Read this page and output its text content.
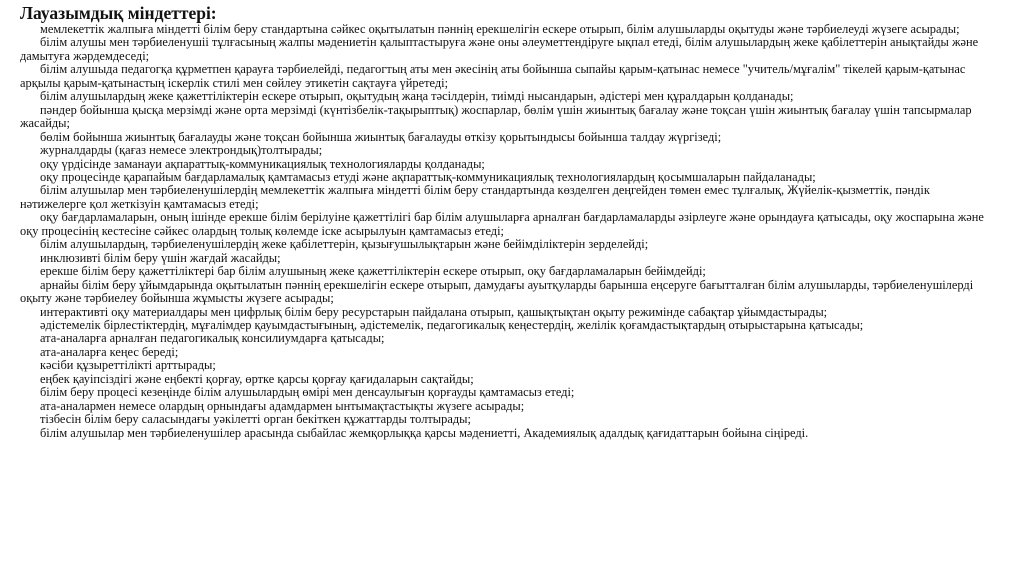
Лауазымдық міндеттері:

мемлекеттік жалпыға міндетті білім беру стандартына сәйкес оқытылатын пәннің ерекшелігін ескере отырып, білім алушыларды оқытуды және тәрбиелеуді жүзеге асырады;

білім алушы мен тәрбиеленушіі тұлғасының жалпы мәдениетін қалыптастыруға және оны әлеуметтендіруге ықпал етеді, білім алушылардың жеке қабілеттерін анықтайды және дамытуға жәрдемдеседі;

білім алушыда педагогқа құрметпен қарауға тәрбиелейді, педагогтың аты мен әкесінің аты бойынша сыпайы қарым-қатынас немесе "учитель/мұғалім" тікелей қарым-қатынас арқылы қарым-қатынастың іскерлік стилі мен сөйлеу этикетін сақтауға үйретеді;

білім алушылардың жеке қажеттіліктерін ескере отырып, оқытудың жаңа тәсілдерін, тиімді нысандарын, әдістері мен құралдарын қолданады;

пәндер бойынша қысқа мерзімді және орта мерзімді (күнтізбелік-тақырыптық) жоспарлар, бөлім үшін жиынтық бағалау және тоқсан үшін жиынтық бағалау үшін тапсырмалар жасайды;

бөлім бойынша жиынтық бағалауды және тоқсан бойынша жиынтық бағалауды өткізу қорытындысы бойынша талдау жүргізеді;

журналдарды (қағаз немесе электрондық)толтырады;

оқу үрдісінде заманауи ақпараттық-коммуникациялық технологияларды қолданады;

оқу процесінде қарапайым бағдарламалық қамтамасыз етуді және ақпараттық-коммуникациялық технологиялардың қосымшаларын пайдаланады;

білім алушылар мен тәрбиеленушілердің мемлекеттік жалпыға міндетті білім беру стандартында көзделген деңгейден төмен емес тұлғалық, Жүйелік-қызметтік, пәндік нәтижелерге қол жеткізуін қамтамасыз етеді;

оқу бағдарламаларын, оның ішінде ерекше білім берілуіне қажеттілігі бар білім алушыларға арналған бағдарламаларды әзірлеуге және орындауға қатысады, оқу жоспарына және оқу процесінің кестесіне сәйкес олардың толық көлемде іске асырылуын қамтамасыз етеді;

білім алушылардың, тәрбиеленушілердің жеке қабілеттерін, қызығушылықтарын және бейімділіктерін зерделейді;

инклюзивті білім беру үшін жағдай жасайды;

ерекше білім беру қажеттіліктері бар білім алушының жеке қажеттіліктерін ескере отырып, оқу бағдарламаларын бейімдейді;

арнайы білім беру ұйымдарында оқытылатын пәннің ерекшелігін ескере отырып, дамудағы ауытқуларды барынша еңсеруге бағытталған білім алушыларды, тәрбиеленушілерді оқыту және тәрбиелеу бойынша жұмысты жүзеге асырады;

интерактивті оқу материалдары мен цифрлық білім беру ресурстарын пайдалана отырып, қашықтықтан оқыту режимінде сабақтар ұйымдастырады;

әдістемелік бірлестіктердің, мұғалімдер қауымдастығының, әдістемелік, педагогикалық кеңестердің, желілік қоғамдастықтардың отырыстарына қатысады;

ата-аналарға арналған педагогикалық консилиумдарға қатысады;

ата-аналарға кеңес береді;

кәсіби құзыреттілікті арттырады;

еңбек қауіпсіздігі және еңбекті қорғау, өртке қарсы қорғау қағидаларын сақтайды;

білім беру процесі кезеңінде білім алушылардың өмірі мен денсаулығын қорғауды қамтамасыз етеді;

ата-аналармен немесе олардың орнындағы адамдармен ынтымақтастықты жүзеге асырады;

тізбесін білім беру саласындағы уәкілетті орган бекіткен құжаттарды толтырады;

білім алушылар мен тәрбиеленушілер арасында сыбайлас жемқорлыққа қарсы мәдениетті, Академиялық адалдық қағидаттарын бойына сіңіреді.
